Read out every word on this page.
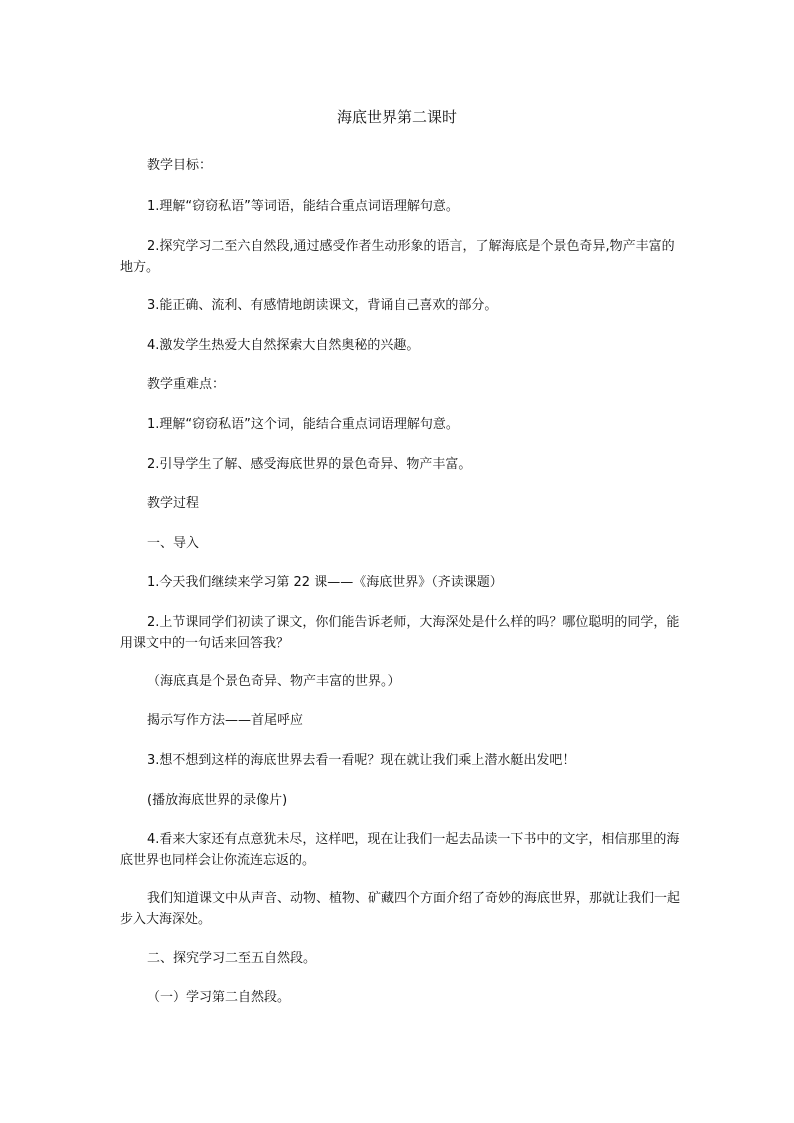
海底世界第二课时

教学目标：

1.理解“窃窃私语”等词语，能结合重点词语理解句意。

2.探究学习二至六自然段,通过感受作者生动形象的语言，了解海底是个景色奇异,物产丰富的地方。

3.能正确、流利、有感情地朗读课文，背诵自己喜欢的部分。

4.激发学生热爱大自然探索大自然奥秘的兴趣。

教学重难点：

1.理解“窃窃私语”这个词，能结合重点词语理解句意。

2.引导学生了解、感受海底世界的景色奇异、物产丰富。

教学过程

一、导入

1.今天我们继续来学习第 22 课——《海底世界》（齐读课题）

2.上节课同学们初读了课文，你们能告诉老师，大海深处是什么样的吗？哪位聪明的同学，能用课文中的一句话来回答我？

（海底真是个景色奇异、物产丰富的世界。）

揭示写作方法——首尾呼应

3.想不想到这样的海底世界去看一看呢？现在就让我们乘上潜水艇出发吧！

(播放海底世界的录像片)

4.看来大家还有点意犹未尽，这样吧，现在让我们一起去品读一下书中的文字，相信那里的海底世界也同样会让你流连忘返的。

我们知道课文中从声音、动物、植物、矿藏四个方面介绍了奇妙的海底世界，那就让我们一起步入大海深处。

二、探究学习二至五自然段。

（一）学习第二自然段。
